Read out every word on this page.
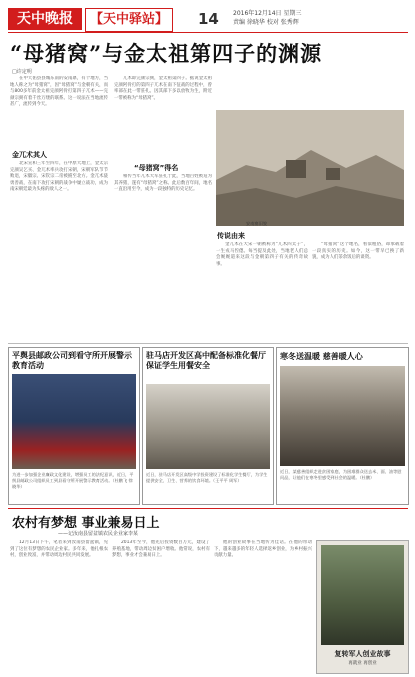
天中晚报	【天中驿站】	14 2016年12月14日 星期三
责编 徐晓华 校对 张秀辉
“母猪窝”与金太祖第四子的渊源
□许定明
在中天佑县县城东南的安南寨，有个地方，当地人称之为“母猪窝”，因“母猪窝”与金朝有关，而与800多年前金太祖完颜阿骨打第四子兀术——完颜宗弼有着千丝万缕的联系。这一说法在当地流传甚广，流传到今天。
金兀术其人
北宋宣和三年至四年，在中原大地上，金太宗完颜吴乞买、金兀术率兵攻打宋朝，宋朝军队节节败退，宋徽宗、宋钦宗二帝被掳至北方。金兀术骁勇善战，在南下攻打宋朝的战争中屡立战功，成为南宋朝廷最为头疼的敌人之一。
兀术即完颜宗弼，金太祖第四子。据说金太祖完颜阿骨打的第四子兀术在南下征战的过程中，曾率部在此一带驻扎。因其部下多以放牧为生，附近一带被称为“母猪窝”。
“母猪窝”得名
相传当年兀术大军驻扎于此，当地百姓被迫为其养猪，遂有“母猪窝”之称。此后数百年间，地名一直沿用至今，成为一段独特的历史记忆。
安南寨旧貌
传说由来
金兀术在大宋一朝被称为“兀术四太子”，一生戎马倥偬。每当提及此处，当地老人们总会娓娓道来这段与金朝第四子有关的传奇故事。
“母猪窝”这个地名，看似粗俗，却承载着一段真实的历史。如今，这一带早已换了新貌，成为人们茶余饭后的谈资。
平舆县邮政公司到看守所开展警示教育活动
为进一步加强企业廉政文化建设，增强员工的法纪意识，近日，平舆县邮政公司组织员工到县看守所开展警示教育活动。（杜鹏飞 徐晓华）
驻马店开发区高中配备标准化餐厅保证学生用餐安全
近日，驻马店开发区高级中学投资建设了标准化学生餐厅，为学生提供安全、卫生、营养的饮食环境。（王平平 周军）
寒冬送温暖 慈善暖人心
近日，某慈善组织走进贫困家庭，为困难群众送去米、面、油等慰问品，让他们在寒冬里感受到社会的温暖。（杜鹏）
农村有梦想 事业兼易日上
——记汝南县留盆镇农民企业家李某
12月13日下午，笔者来到汝南县留盆镇，见到了这位有梦想的农民企业家。多年来，他扎根农村，创业致富，并带动周边村民共同发展。
2013年至今，他先后投资数百万元，建设了养殖基地，带动周边贫困户增收。他常说，农村有梦想，事业才会兼易日上。
他的创业故事在当地传为佳话。在他的带动下，越来越多的年轻人选择返乡创业，为乡村振兴贡献力量。
复转军人创业故事
再就业 再创业
